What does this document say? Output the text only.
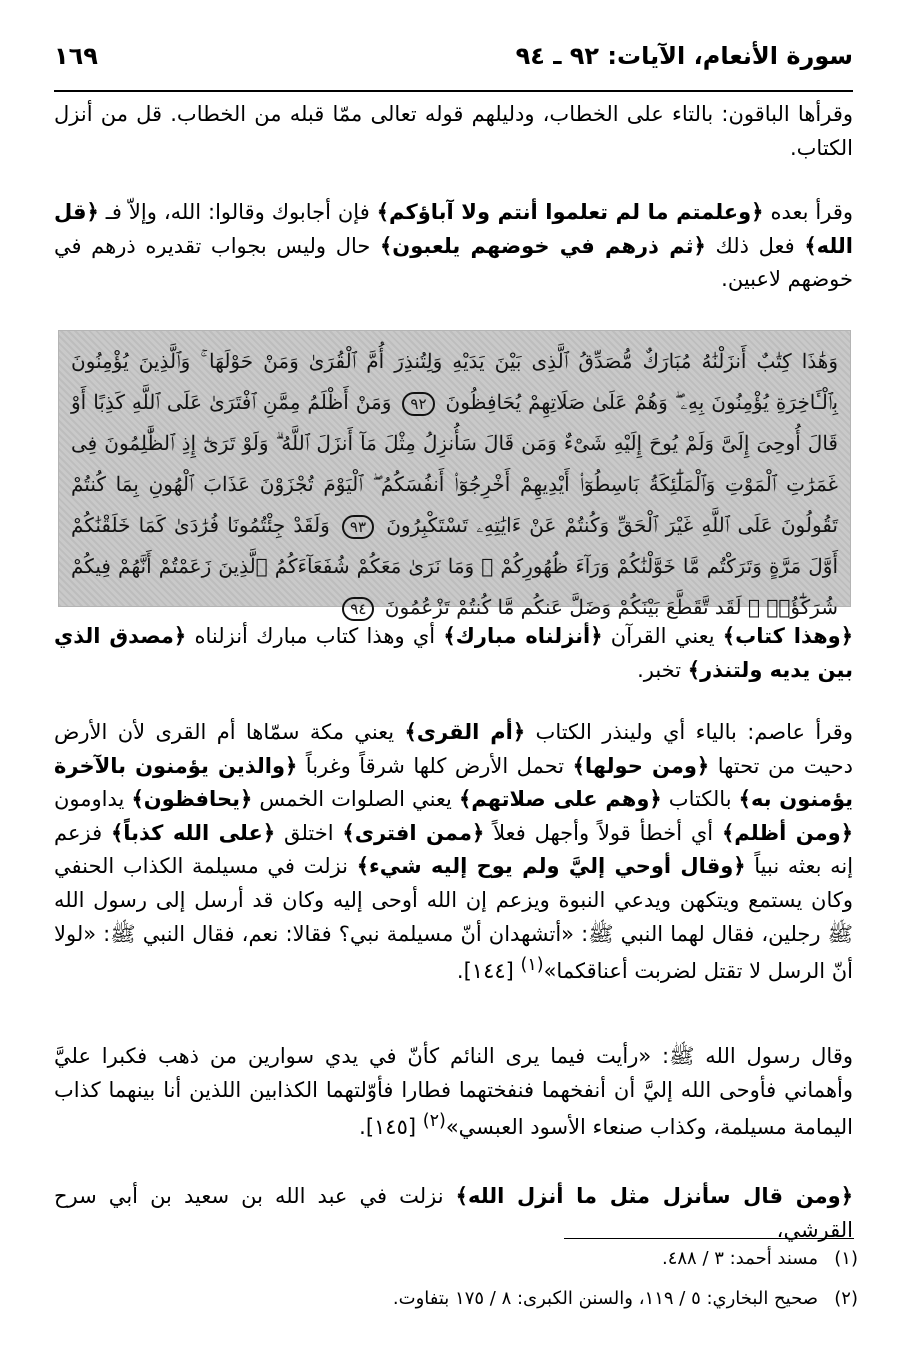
سورة الأنعام، الآيات: ٩٢ ـ ٩٤
١٦٩

وقرأها الباقون: بالتاء على الخطاب، ودليلهم قوله تعالى ممّا قبله من الخطاب. قل من أنزل الكتاب.

وقرأ بعده ﴿وعلمتم ما لم تعلموا أنتم ولا آباؤكم﴾ فإن أجابوك وقالوا: الله، وإلاّ فـ ﴿قل الله﴾ فعل ذلك ﴿ثم ذرهم في خوضهم يلعبون﴾ حال وليس بجواب تقديره ذرهم في خوضهم لاعبين.

وَهَٰذَا كِتَٰبٌ أَنزَلْنَٰهُ مُبَارَكٌ مُّصَدِّقُ ٱلَّذِى بَيْنَ يَدَيْهِ وَلِتُنذِرَ أُمَّ ٱلْقُرَىٰ وَمَنْ حَوْلَهَا ۚ وَٱلَّذِينَ يُؤْمِنُونَ بِٱلْـَٔاخِرَةِ يُؤْمِنُونَ بِهِۦ ۖ وَهُمْ عَلَىٰ صَلَاتِهِمْ يُحَافِظُونَ ٩٢ وَمَنْ أَظْلَمُ مِمَّنِ ٱفْتَرَىٰ عَلَى ٱللَّهِ كَذِبًا أَوْ قَالَ أُوحِىَ إِلَىَّ وَلَمْ يُوحَ إِلَيْهِ شَىْءٌ وَمَن قَالَ سَأُنزِلُ مِثْلَ مَآ أَنزَلَ ٱللَّهُ ۗ وَلَوْ تَرَىٰٓ إِذِ ٱلظَّٰلِمُونَ فِى غَمَرَٰتِ ٱلْمَوْتِ وَٱلْمَلَٰٓئِكَةُ بَاسِطُوٓا۟ أَيْدِيهِمْ أَخْرِجُوٓا۟ أَنفُسَكُمُ ۖ ٱلْيَوْمَ تُجْزَوْنَ عَذَابَ ٱلْهُونِ بِمَا كُنتُمْ تَقُولُونَ عَلَى ٱللَّهِ غَيْرَ ٱلْحَقِّ وَكُنتُمْ عَنْ ءَايَٰتِهِۦ تَسْتَكْبِرُونَ ٩٣ وَلَقَدْ جِئْتُمُونَا فُرَٰدَىٰ كَمَا خَلَقْنَٰكُمْ أَوَّلَ مَرَّةٍ وَتَرَكْتُم مَّا خَوَّلْنَٰكُمْ وَرَآءَ ظُهُورِكُمْ ۖ وَمَا نَرَىٰ مَعَكُمْ شُفَعَآءَكُمُ ٱلَّذِينَ زَعَمْتُمْ أَنَّهُمْ فِيكُمْ شُرَكَٰٓؤُا۟ ۚ لَقَد تَّقَطَّعَ بَيْنَكُمْ وَضَلَّ عَنكُم مَّا كُنتُمْ تَزْعُمُونَ ٩٤

﴿وهذا كتاب﴾ يعني القرآن ﴿أنزلناه مبارك﴾ أي وهذا كتاب مبارك أنزلناه ﴿مصدق الذي بين يديه ولتنذر﴾ تخبر.

وقرأ عاصم: بالياء أي ولينذر الكتاب ﴿أم القرى﴾ يعني مكة سمّاها أم القرى لأن الأرض دحيت من تحتها ﴿ومن حولها﴾ تحمل الأرض كلها شرقاً وغرباً ﴿والذين يؤمنون بالآخرة يؤمنون به﴾ بالكتاب ﴿وهم على صلاتهم﴾ يعني الصلوات الخمس ﴿يحافظون﴾ يداومون ﴿ومن أظلم﴾ أي أخطأ قولاً وأجهل فعلاً ﴿ممن افترى﴾ اختلق ﴿على الله كذباً﴾ فزعم إنه بعثه نبياً ﴿وقال أوحي إليَّ ولم يوح إليه شيء﴾ نزلت في مسيلمة الكذاب الحنفي وكان يستمع ويتكهن ويدعي النبوة ويزعم إن الله أوحى إليه وكان قد أرسل إلى رسول الله ﷺ رجلين، فقال لهما النبي ﷺ: «أتشهدان أنّ مسيلمة نبي؟ فقالا: نعم، فقال النبي ﷺ: «لولا أنّ الرسل لا تقتل لضربت أعناقكما»$^{(١)}$ [١٤٤].

وقال رسول الله ﷺ: «رأيت فيما يرى النائم كأنّ في يدي سوارين من ذهب فكبرا عليَّ وأهماني فأوحى الله إليَّ أن أنفخهما فنفختهما فطارا فأوّلتهما الكذابين اللذين أنا بينهما كذاب اليمامة مسيلمة، وكذاب صنعاء الأسود العبسي»$^{(٢)}$ [١٤٥].

﴿ومن قال سأنزل مثل ما أنزل الله﴾ نزلت في عبد الله بن سعيد بن أبي سرح القرشي،

(١)مسند أحمد: ٣ / ٤٨٨.
(٢)صحيح البخاري: ٥ / ١١٩، والسنن الكبرى: ٨ / ١٧٥ بتفاوت.
